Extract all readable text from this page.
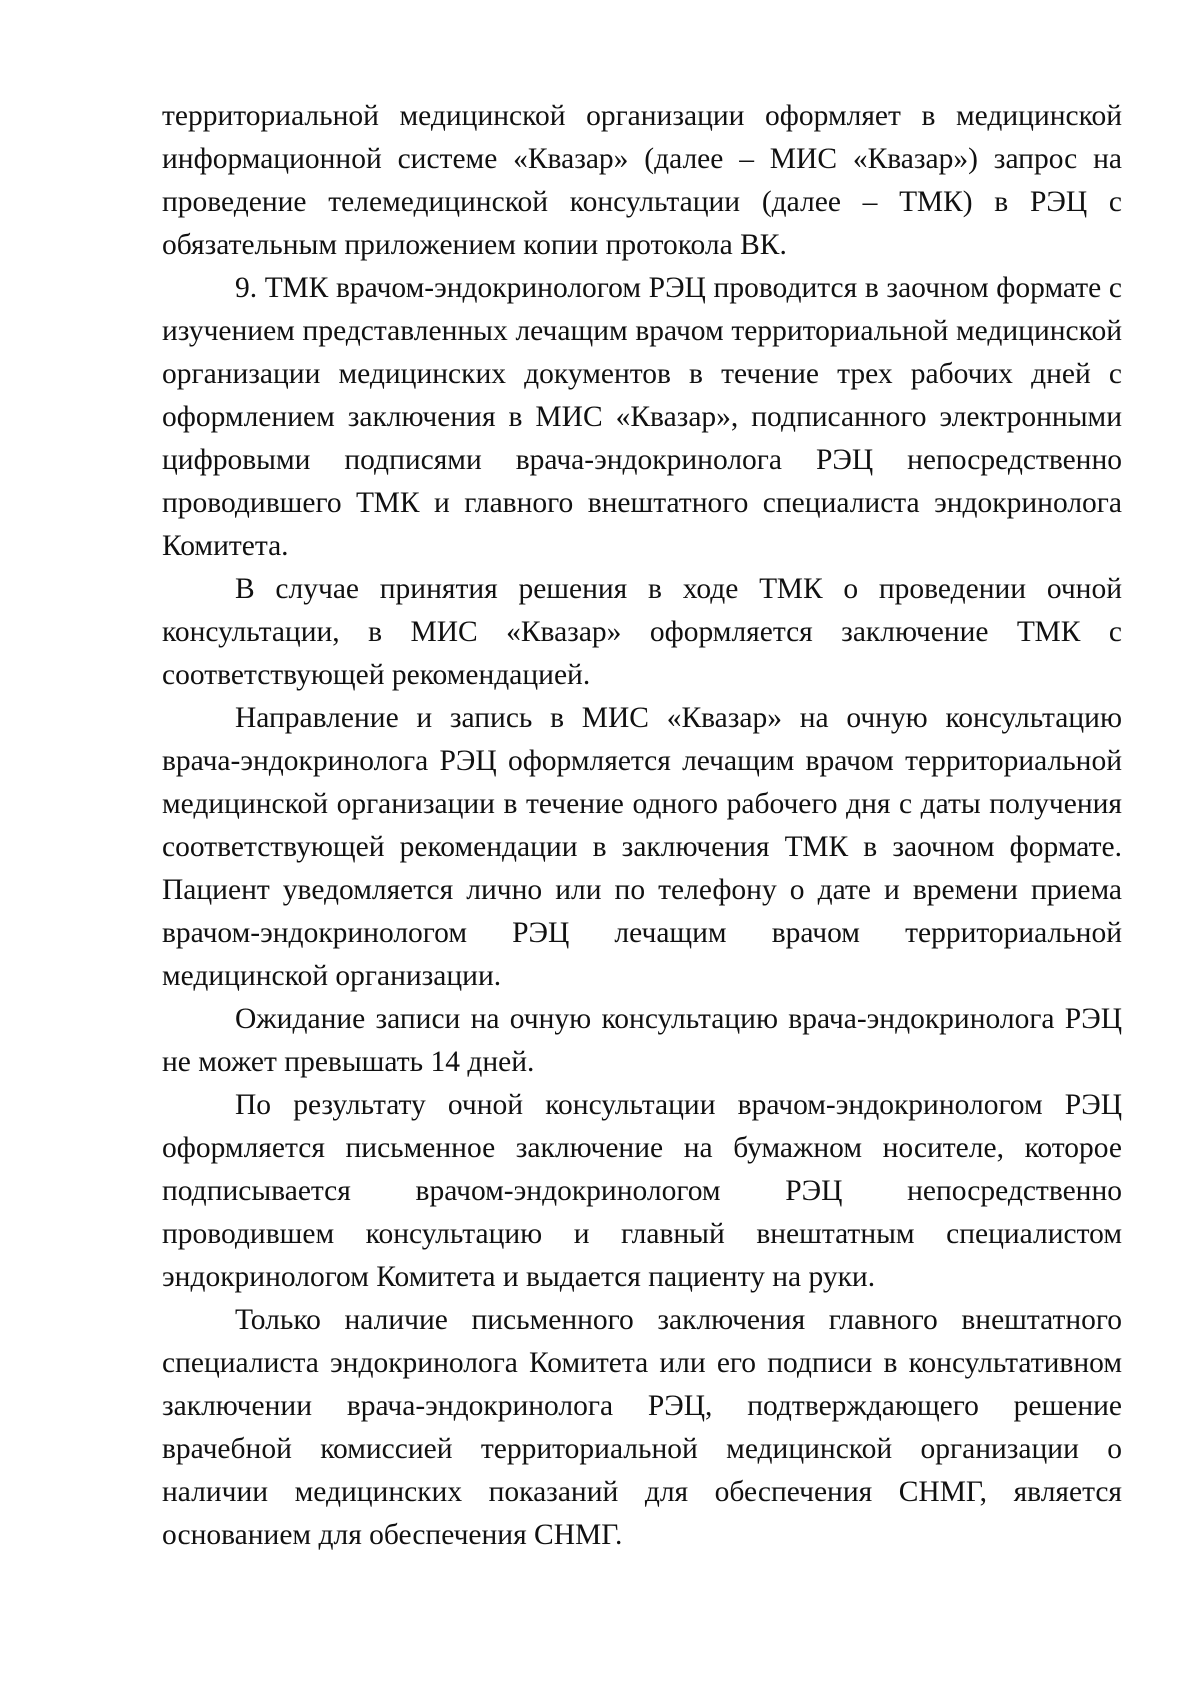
территориальной медицинской организации оформляет в медицинской информационной системе «Квазар» (далее – МИС «Квазар») запрос на проведение телемедицинской консультации (далее – ТМК) в РЭЦ с обязательным приложением копии протокола ВК.

9. ТМК врачом-эндокринологом РЭЦ проводится в заочном формате с изучением представленных лечащим врачом территориальной медицинской организации медицинских документов в течение трех рабочих дней с оформлением заключения в МИС «Квазар», подписанного электронными цифровыми подписями врача-эндокринолога РЭЦ непосредственно проводившего ТМК и главного внештатного специалиста эндокринолога Комитета.

В случае принятия решения в ходе ТМК о проведении очной консультации, в МИС «Квазар» оформляется заключение ТМК с соответствующей рекомендацией.

Направление и запись в МИС «Квазар» на очную консультацию врача-эндокринолога РЭЦ оформляется лечащим врачом территориальной медицинской организации в течение одного рабочего дня с даты получения соответствующей рекомендации в заключения ТМК в заочном формате. Пациент уведомляется лично или по телефону о дате и времени приема врачом-эндокринологом РЭЦ лечащим врачом территориальной медицинской организации.

Ожидание записи на очную консультацию врача-эндокринолога РЭЦ не может превышать 14 дней.

По результату очной консультации врачом-эндокринологом РЭЦ оформляется письменное заключение на бумажном носителе, которое подписывается врачом-эндокринологом РЭЦ непосредственно проводившем консультацию и главный внештатным специалистом эндокринологом Комитета и выдается пациенту на руки.

Только наличие письменного заключения главного внештатного специалиста эндокринолога Комитета или его подписи в консультативном заключении врача-эндокринолога РЭЦ, подтверждающего решение врачебной комиссией территориальной медицинской организации о наличии медицинских показаний для обеспечения СНМГ, является основанием для обеспечения СНМГ.
